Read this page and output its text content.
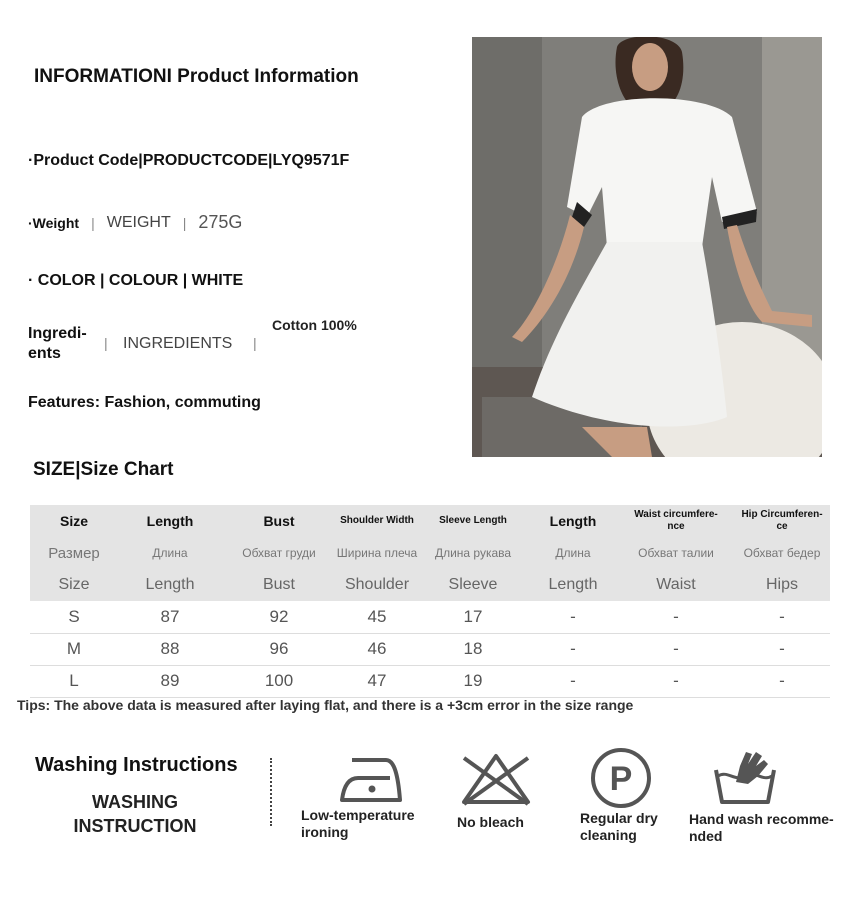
INFORMATIONI Product Information
·Product Code|PRODUCTCODE|LYQ9571F
·Weight | WEIGHT | 275G
· COLOR | COLOUR | WHITE
Ingredi-
ents
| INGREDIENTS |
Cotton 100%
Features: Fashion, commuting
SIZE|Size Chart
Size	Length	Bust	Shoulder Width	Sleeve Length	Length	Waist circumfere-
nce	Hip Circumferen-
ce
Размер	Длина	Обхват груди	Ширина плеча	Длина рукава	Длина	Обхват талии	Обхват бедер
Size	Length	Bust	Shoulder	Sleeve	Length	Waist	Hips
S	87	92	45	17	-	-	-
M	88	96	46	18	-	-	-
L	89	100	47	19	-	-	-
Tips: The above data is measured after laying flat, and there is a +3cm error in the size range
Washing Instructions
WASHING
INSTRUCTION
Low-temperature
ironing
No bleach
P
Regular dry
cleaning
Hand wash recomme-
nded
